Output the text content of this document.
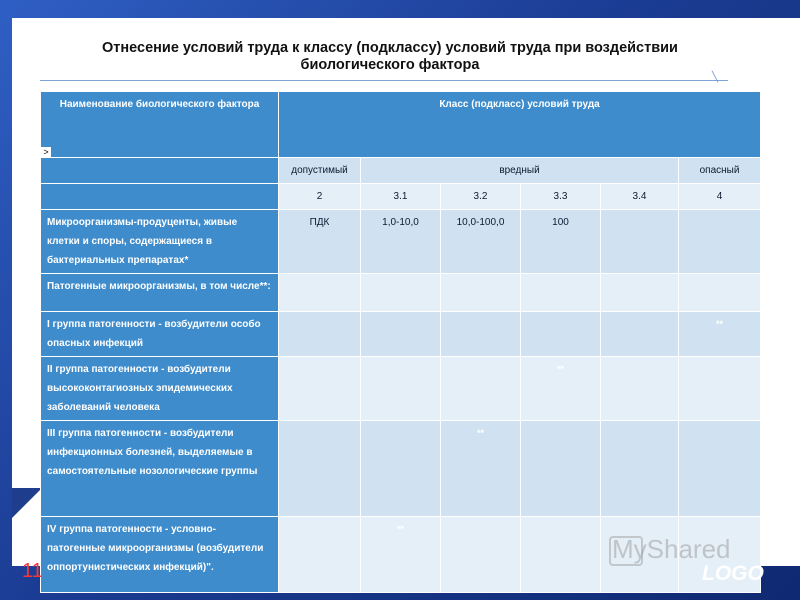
Отнесение условий труда к классу (подклассу) условий труда при воздействии
биологического фактора
╲
Наименование биологического фактора
>	Класс (подкласс) условий труда					
	допустимый	вредный				опасный
	2	3.1	3.2	3.3	3.4	4
Микроорганизмы-продуценты, живые клетки и споры, содержащиеся в бактериальных препаратах*	ПДК	1,0-10,0	10,0-100,0	100		
Патогенные микроорганизмы, в том числе**:						
I группа патогенности - возбудители особо опасных инфекций						**
II группа патогенности - возбудители высококонтагиозных эпидемических заболеваний человека				**		
III группа патогенности - возбудители инфекционных болезней, выделяемые в самостоятельные нозологические группы			**			
IV группа патогенности - условно-патогенные микроорганизмы (возбудители оппортунистических инфекций)".		**				
MyShared
11	LOGO
